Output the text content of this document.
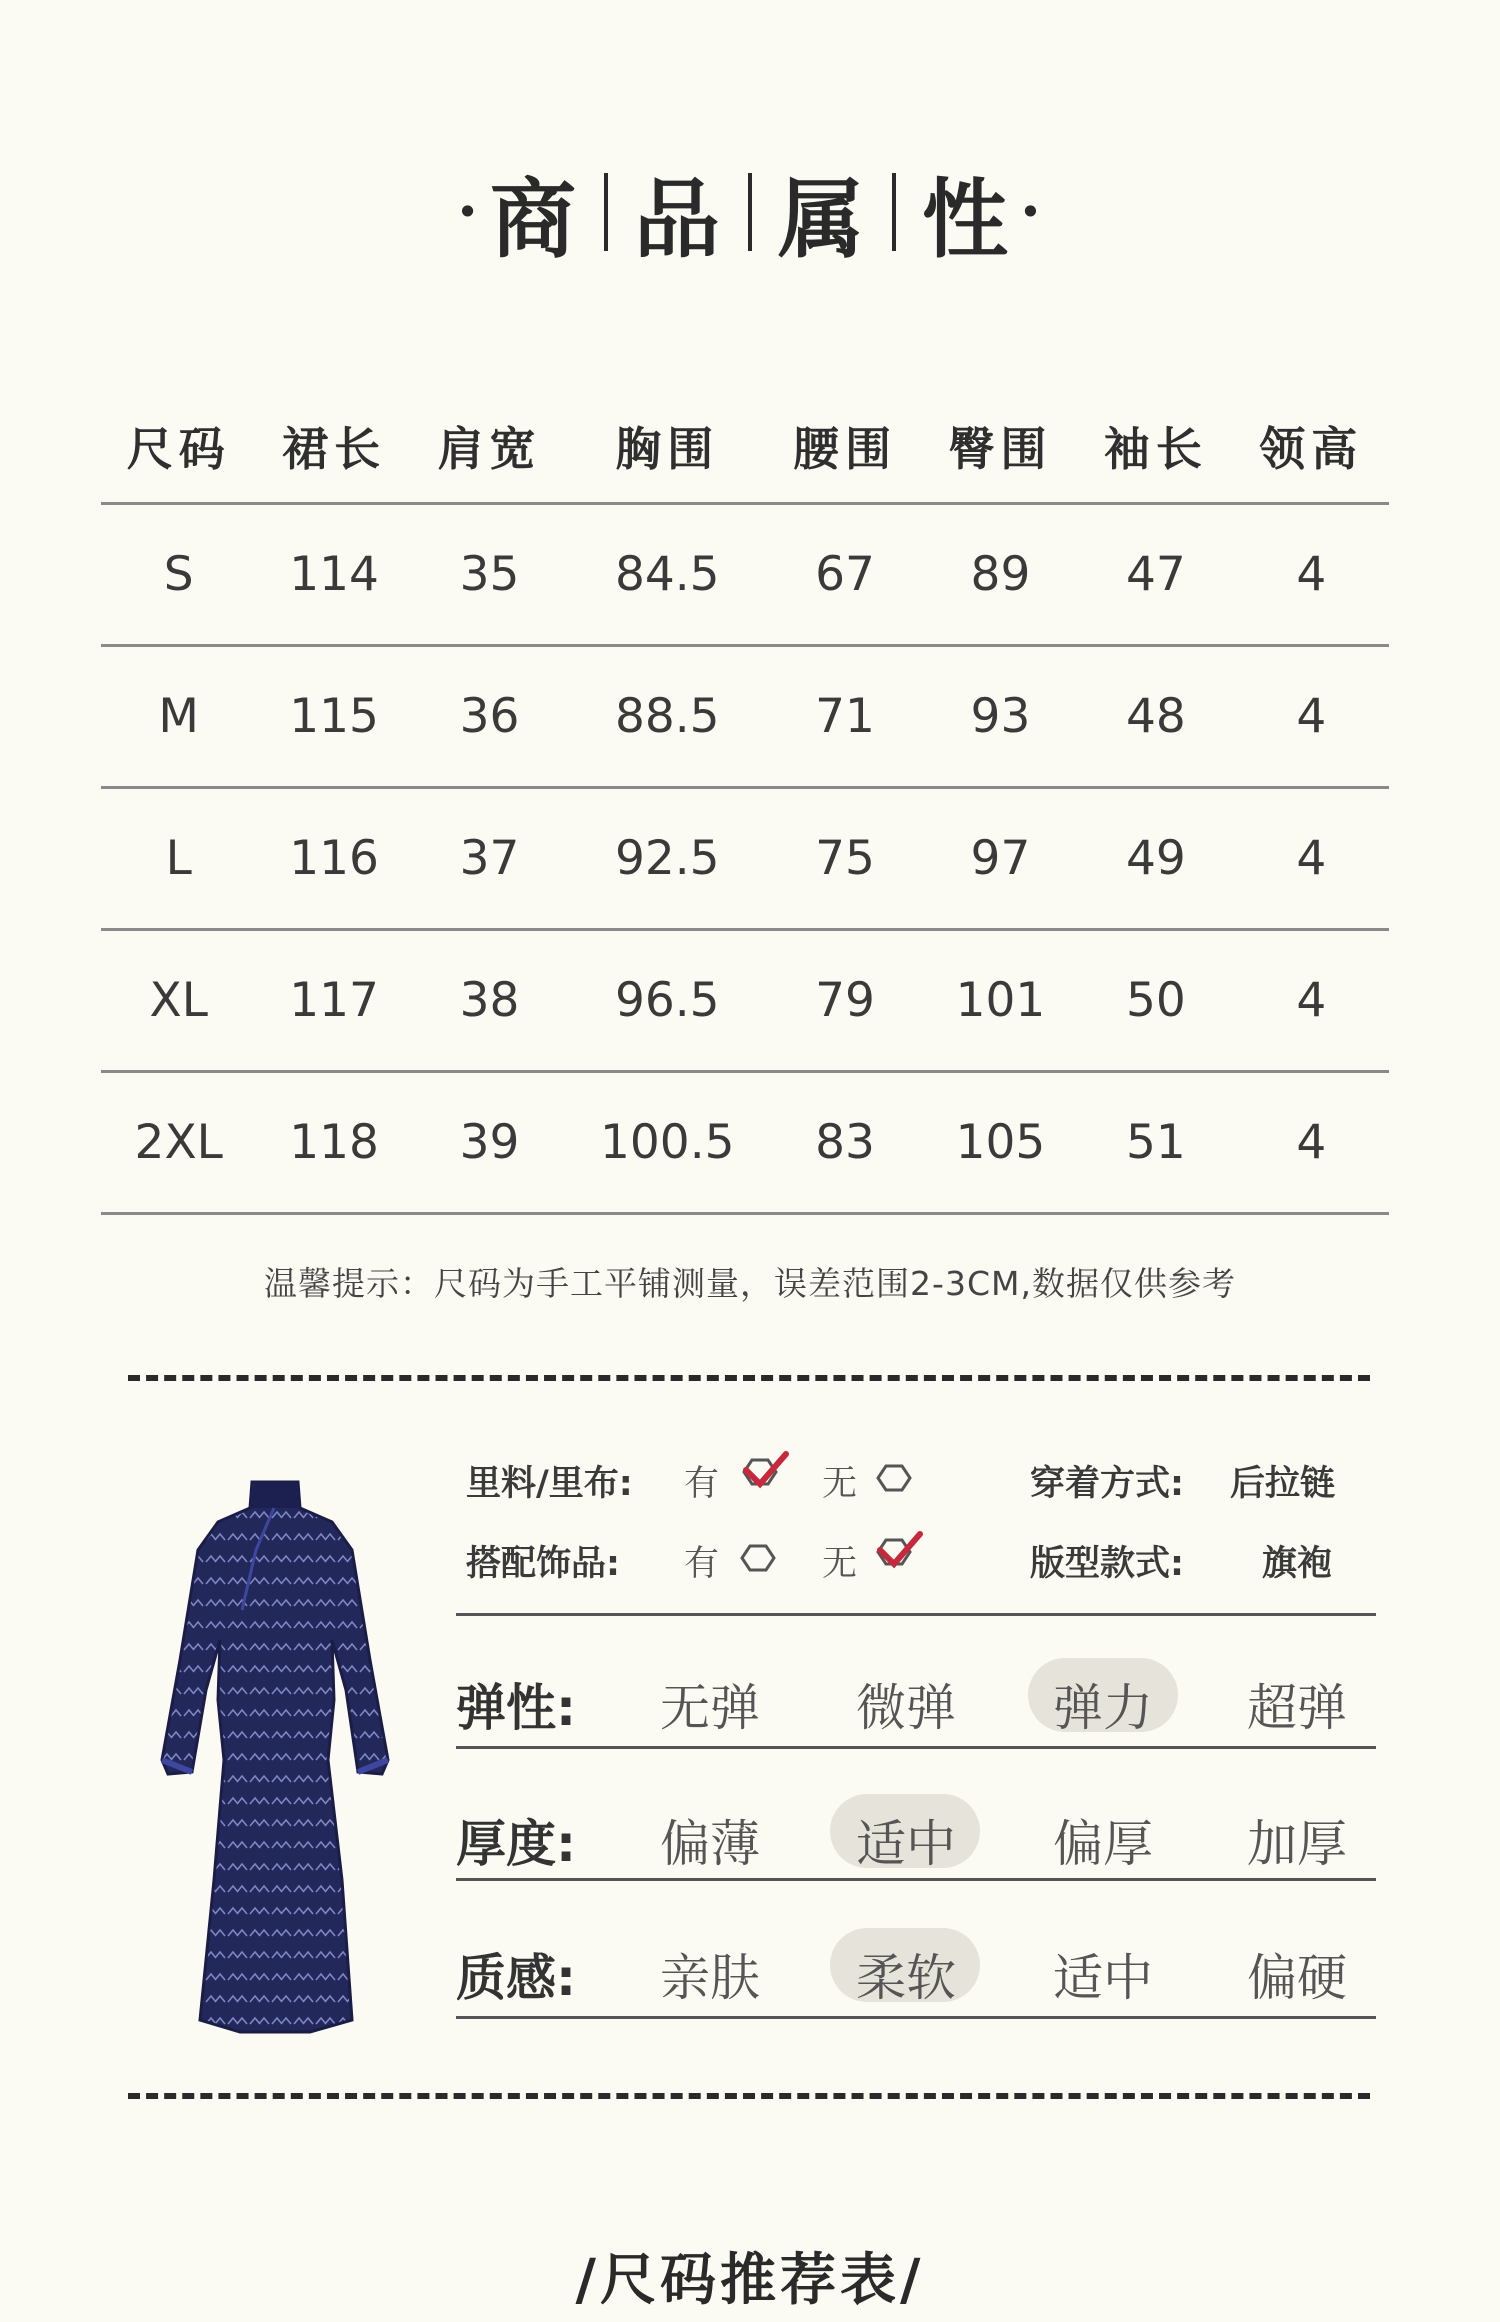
· 商 品 属 性 ·
尺码	裙长	肩宽	胸围	腰围	臀围	袖长	领高
S	114	35	84.5	67	89	47	4
M	115	36	88.5	71	93	48	4
L	116	37	92.5	75	97	49	4
XL	117	38	96.5	79	101	50	4
2XL	118	39	100.5	83	105	51	4
温馨提示：尺码为手工平铺测量，误差范围2-3CM,数据仅供参考
里料/里布: 有	无	穿着方式: 后拉链
搭配饰品: 有	无	版型款式: 旗袍
弹性:	无弹	微弹	弹力	超弹
厚度:	偏薄	适中	偏厚	加厚
质感:	亲肤	柔软	适中	偏硬
/尺码推荐表/
